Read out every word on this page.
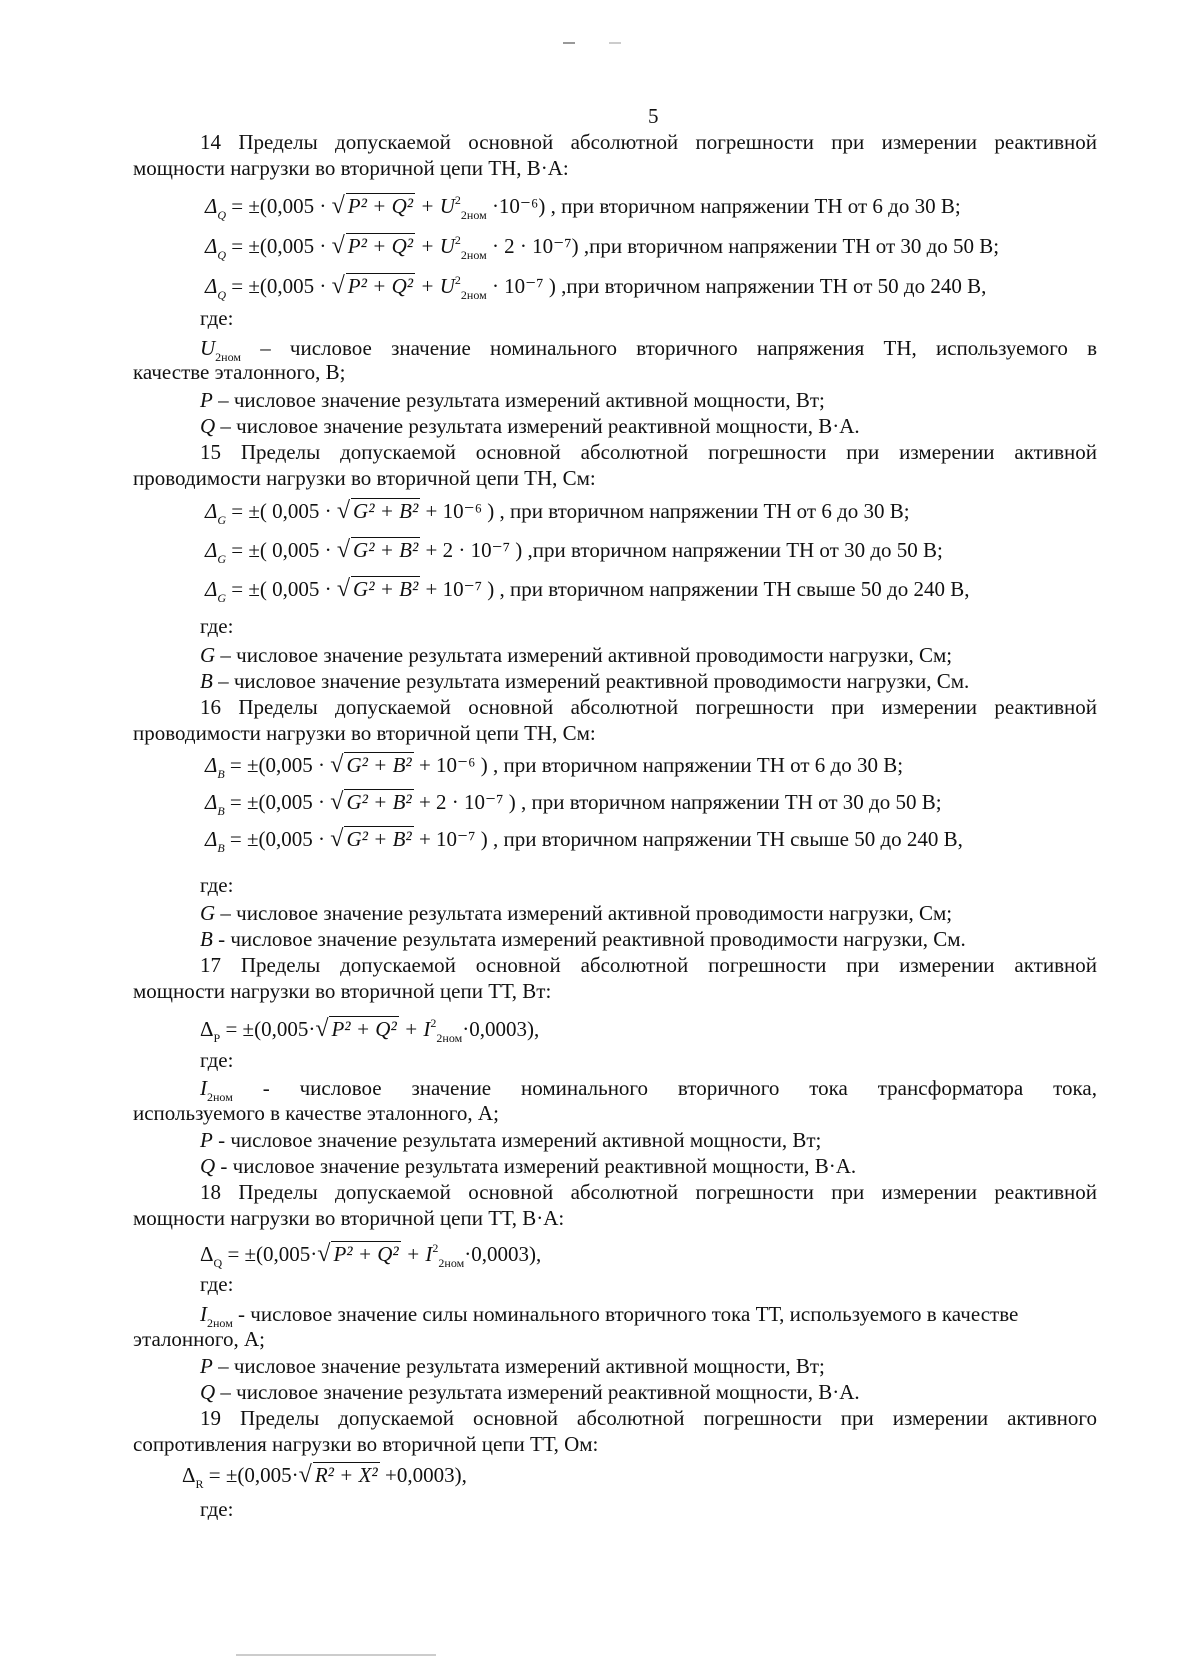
5
14 Пределы допускаемой основной абсолютной погрешности при измерении реактивной
мощности нагрузки во вторичной цепи ТН, В·А:
$\Delta_Q = \pm(0,005$ · √ $P^2 + Q^2 + U^2_{2ном} \cdot 10^{-6}$) , при вторичном напряжении ТН от 6 до 30 В;
$\Delta_Q = \pm(0,005$ · √ $P^2 + Q^2 + U^2_{2ном} \cdot 2 \cdot 10^{-7}$) ,при вторичном напряжении ТН от 30 до 50 В;
$\Delta_Q = \pm(0,005$ · √ $P^2 + Q^2 + U^2_{2ном} \cdot 10^{-7}$ ) ,при вторичном напряжении ТН от 50 до 240 В,
где:
$U_{2ном}$ – числовое значение номинального вторичного напряжения ТН, используемого в
качестве эталонного, В;
P – числовое значение результата измерений активной мощности, Вт;
Q – числовое значение результата измерений реактивной мощности, В·А.
15 Пределы допускаемой основной абсолютной погрешности при измерении активной
проводимости нагрузки во вторичной цепи ТН, См:
$\Delta_G$ = ±( 0,005 · √ G² + B² + 10⁻⁶ ) , при вторичном напряжении ТН от 6 до 30 В;
$\Delta_G$ = ±( 0,005 · √ G² + B² + 2 · 10⁻⁷ ) ,при вторичном напряжении ТН от 30 до 50 В;
$\Delta_G$ = ±( 0,005 · √ G² + B² + 10⁻⁷ ) , при вторичном напряжении ТН свыше 50 до 240 В,
где:
G – числовое значение результата измерений активной проводимости нагрузки, См;
B – числовое значение результата измерений реактивной проводимости нагрузки, См.
16 Пределы допускаемой основной абсолютной погрешности при измерении реактивной
проводимости нагрузки во вторичной цепи ТН, См:
$\Delta_B = \pm(0,005$ · √ G² + B² + 10⁻⁶ ) , при вторичном напряжении ТН от 6 до 30 В;
$\Delta_B = \pm(0,005$ · √ G² + B² + 2 · 10⁻⁷ ) , при вторичном напряжении ТН от 30 до 50 В;
$\Delta_B = \pm(0,005$ · √ G² + B² + 10⁻⁷ ) , при вторичном напряжении ТН свыше 50 до 240 В,
где:
G – числовое значение результата измерений активной проводимости нагрузки, См;
B - числовое значение результата измерений реактивной проводимости нагрузки, См.
17 Пределы допускаемой основной абсолютной погрешности при измерении активной
мощности нагрузки во вторичной цепи ТТ, Вт:
$\Delta_P = \pm(0,005\cdot√$ $P^2 + Q^2 + I^2_{2ном}\cdot 0,0003$),
где:
$I_{2ном}$ - числовое значение номинального вторичного тока трансформатора тока,
используемого в качестве эталонного, А;
P - числовое значение результата измерений активной мощности, Вт;
Q - числовое значение результата измерений реактивной мощности, В·А.
18 Пределы допускаемой основной абсолютной погрешности при измерении реактивной
мощности нагрузки во вторичной цепи ТТ, В·А:
$\Delta_Q = \pm(0,005\cdot√$ $P^2 + Q^2 + I^2_{2ном}\cdot 0,0003$),
где:
$I_{2ном}$ - числовое значение силы номинального вторичного тока ТТ, используемого в качестве
эталонного, А;
P – числовое значение результата измерений активной мощности, Вт;
Q – числовое значение результата измерений реактивной мощности, В·А.
19 Пределы допускаемой основной абсолютной погрешности при измерении активного
сопротивления нагрузки во вторичной цепи ТТ, Ом:
$\Delta_R = \pm(0,005\cdot√$ R² + X² +0,0003),
где:
